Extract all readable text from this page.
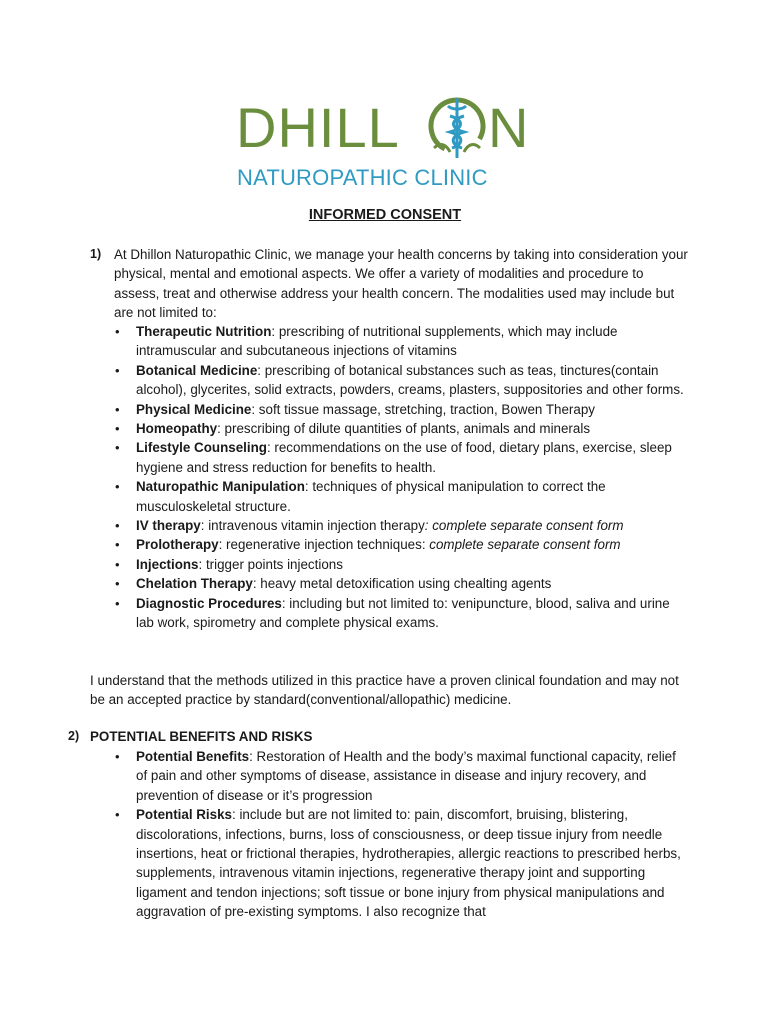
DHILL N
NATUROPATHIC CLINIC
INFORMED CONSENT
1) At Dhillon Naturopathic Clinic, we manage your health concerns by taking into consideration your physical, mental and emotional aspects. We offer a variety of modalities and procedure to assess, treat and otherwise address your health concern. The modalities used may include but are not limited to:
• Therapeutic Nutrition: prescribing of nutritional supplements, which may include intramuscular and subcutaneous injections of vitamins
• Botanical Medicine: prescribing of botanical substances such as teas, tinctures(contain alcohol), glycerites, solid extracts, powders, creams, plasters, suppositories and other forms.
• Physical Medicine: soft tissue massage, stretching, traction, Bowen Therapy
• Homeopathy: prescribing of dilute quantities of plants, animals and minerals
• Lifestyle Counseling: recommendations on the use of food, dietary plans, exercise, sleep hygiene and stress reduction for benefits to health.
• Naturopathic Manipulation: techniques of physical manipulation to correct the musculoskeletal structure.
• IV therapy: intravenous vitamin injection therapy: complete separate consent form
• Prolotherapy: regenerative injection techniques: complete separate consent form
• Injections: trigger points injections
• Chelation Therapy: heavy metal detoxification using chealting agents
• Diagnostic Procedures: including but not limited to: venipuncture, blood, saliva and urine lab work, spirometry and complete physical exams.
I understand that the methods utilized in this practice have a proven clinical foundation and may not be an accepted practice by standard(conventional/allopathic) medicine.
2) POTENTIAL BENEFITS AND RISKS
• Potential Benefits: Restoration of Health and the body’s maximal functional capacity, relief of pain and other symptoms of disease, assistance in disease and injury recovery, and prevention of disease or it’s progression
• Potential Risks: include but are not limited to: pain, discomfort, bruising, blistering, discolorations, infections, burns, loss of consciousness, or deep tissue injury from needle insertions, heat or frictional therapies, hydrotherapies, allergic reactions to prescribed herbs, supplements, intravenous vitamin injections, regenerative therapy joint and supporting ligament and tendon injections; soft tissue or bone injury from physical manipulations and aggravation of pre-existing symptoms. I also recognize that
